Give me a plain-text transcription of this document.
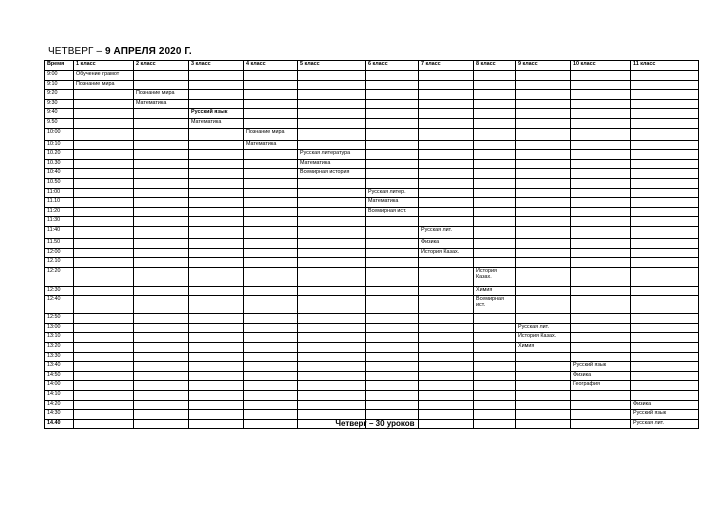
ЧЕТВЕРГ – 9 АПРЕЛЯ 2020 Г.
Время	1 класс	2 класс	3 класс	4 класс	5 класс	6 класс	7 класс	8 класс	9 класс	10 класс	11 класс
9:00	Обучение грамот										
9:10	Познание мира										
9:20		Познание мира									
9:30		Математика									
9:40			Русский язык								
9.50			Математика								
10:00				Познание мира							
10:10				Математика							
10.20					Русская литература						
10.30					Математика						
10:40					Всемирная история						
10.50											
11:00						Русская литер.					
11.10						Математика					
11:20						Всемирная ист.					
11:30											
11:40							Русская лит.				
11.50							Физика				
12:00							История Казах.				
12.10											
12:20								История Казах.			
12:30								Химия			
12:40								Всемирная ист.			
12:50											
13:00									Русская лит.		
13:10									История Казах.		
13:20									Химия		
13:30											
13:40										Русский язык	
14:50										Физика	
14:00										География	
14:10											
14:20											Физика
14:30											Русский язык
14.40											Русская лит.
Четверг – 30 уроков
